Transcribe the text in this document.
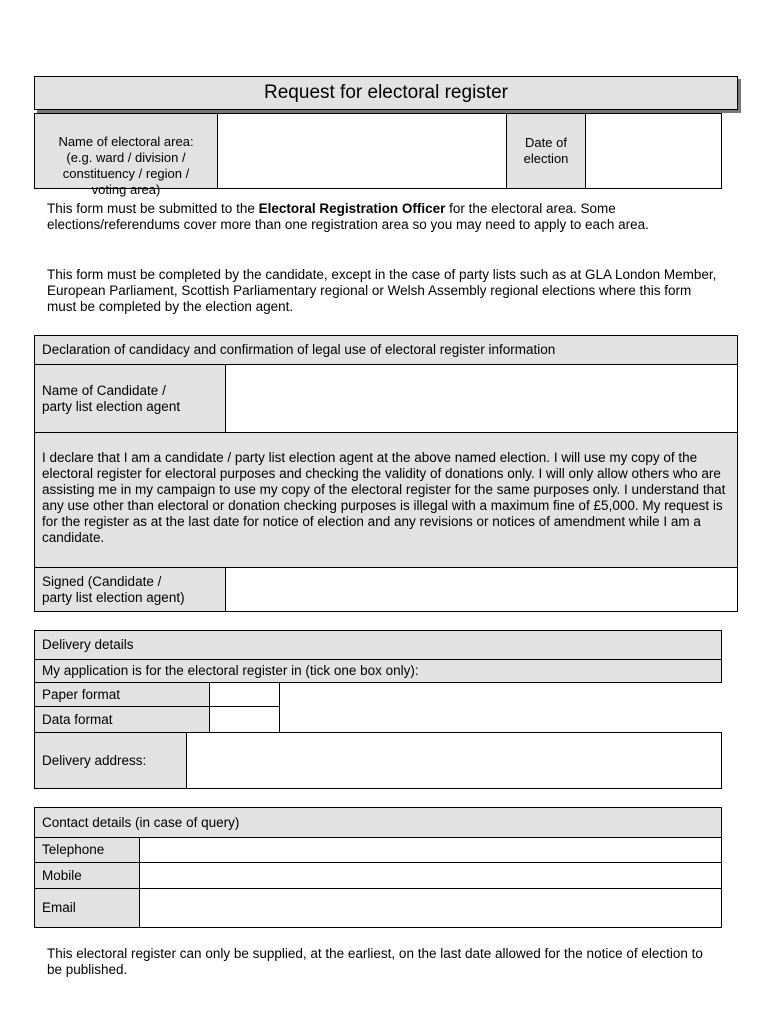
Request for electoral register

Name of electoral area:
(e.g. ward / division /
constituency / region /
voting area)

Date of
election
This form must be submitted to the Electoral Registration Officer for the electoral area. Some elections/referendums cover more than one registration area so you may need to apply to each area.
This form must be completed by the candidate, except in the case of party lists such as at GLA London Member, European Parliament, Scottish Parliamentary regional or Welsh Assembly regional elections where this form must be completed by the election agent.
Declaration of candidacy and confirmation of legal use of electoral register information
Name of Candidate /
party list election agent
I declare that I am a candidate / party list election agent at the above named election. I will use my copy of the electoral register for electoral purposes and checking the validity of donations only. I will only allow others who are assisting me in my campaign to use my copy of the electoral register for the same purposes only. I understand that any use other than electoral or donation checking purposes is illegal with a maximum fine of £5,000. My request is for the register as at the last date for notice of election and any revisions or notices of amendment while I am a candidate.
Signed (Candidate /
party list election agent)
Delivery details
My application is for the electoral register in (tick one box only):
Paper format
Data format
Delivery address:
Contact details (in case of query)
Telephone
Mobile
Email
This electoral register can only be supplied, at the earliest, on the last date allowed for the notice of election to be published.
